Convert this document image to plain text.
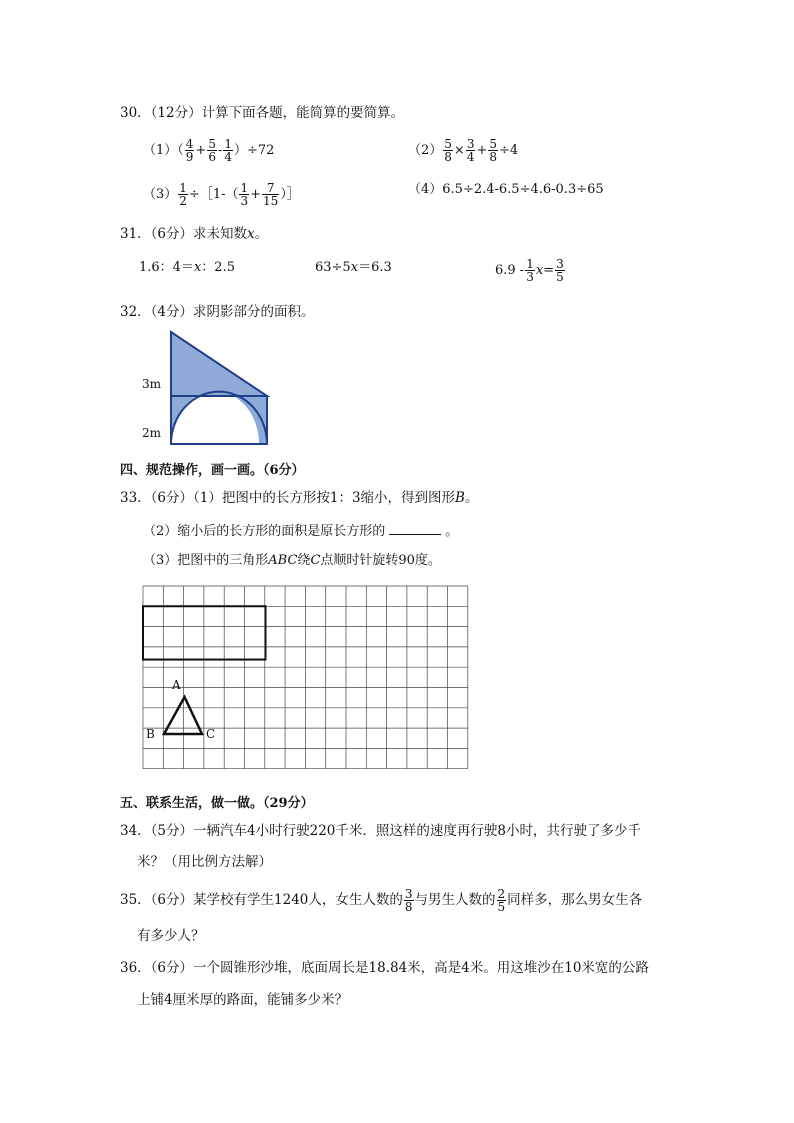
30．（12分）计算下面各题，能简算的要简算。
$(1)( \frac{4}{9} + \frac{5}{6} - \frac{1}{4} )\div 72$	$(2) \frac{5}{8} \times \frac{3}{4} + \frac{5}{8} \div 4$
$(3) \frac{1}{2}$ ÷［1-（ $\frac{1}{3} + \frac{7}{15}$ ）］	（4）6.5÷2.4-6.5÷4.6-0.3÷65
31．（6分）求未知数x。
1.6：4＝x：2.5	63÷5x＝6.3	$6.9 - \frac{1}{3} x= \frac{3}{5}$
32．（4分）求阴影部分的面积。
3m
2m
四、规范操作，画一画。（6分）
33．（6分）（1）把图中的长方形按1：3缩小，得到图形B。
（2）缩小后的长方形的面积是原长方形的	。
（3）把图中的三角形ABC绕C点顺时针旋转90度。
A
B	C
五、联系生活，做一做。（29分）
34．（5分）一辆汽车4小时行驶220千米．照这样的速度再行驶8小时，共行驶了多少千
米？（用比例方法解）
35．（6分）某学校有学生1240人，女生人数的 $\frac{3}{8}$ 与男生人数的 $\frac{2}{5}$ 同样多，那么男女生各
有多少人？
36．（6分）一个圆锥形沙堆，底面周长是18.84米，高是4米。用这堆沙在10米宽的公路
上铺4厘米厚的路面，能铺多少米？
